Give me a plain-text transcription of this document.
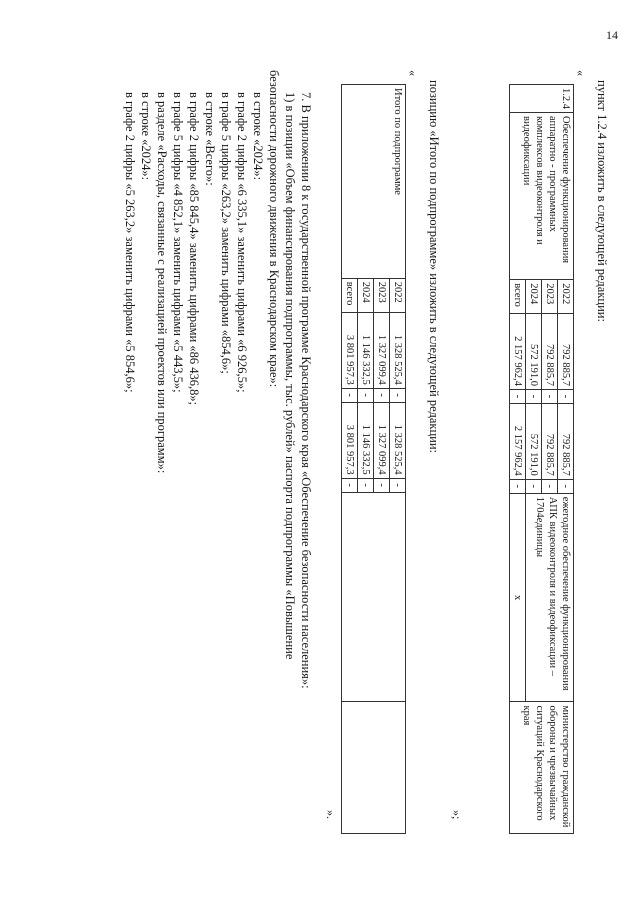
14
пункт 1.2.4 изложить в следующей редакции:
«
1.2.4	Обеспечение функционирования аппаратно - программных комплексов видеоконтроля и видеофиксации	2022	792 885,7	-	792 885,7	-	ежегодное обеспечение функционирования АПК видеоконтроля и видеофиксации – 1704единицы	министерство гражданской обороны и чрезвычайных ситуаций Краснодарского края
		2023	792 885,7	-	792 885,7	-		
		2024	572 191,0	-	572 191,0	-		
		всего	2 157 962,4	-	2 157 962,4	-	х	
»;
позицию «Итого по подпрограмме» изложить в следующей редакции:
«
Итого по подпрограмме	2022	1 328 525,4	-	1 328 525,4	-		
	2023	1 327 099,4	-	1 327 099,4	-		
	2024	1 146 332,5	-	1 146 332,5	-		
	всего	3 801 957,3	-	3 801 957,3	-		
».
7. В приложении 8 к государственной программе Краснодарского края «Обеспечение безопасности населения»:
1) в позиции «Объем финансирования подпрограммы, тыс. рублей» паспорта подпрограммы «Повышение
безопасности дорожного движения в Краснодарском крае»:
в строке «2024»:
в графе 2 цифры «6 335,1» заменить цифрами «6 926,5»;
в графе 5 цифры «263,2» заменить цифрами «854,6»;
в строке «Всего»:
в графе 2 цифры «85 845,4» заменить цифрами «86 436,8»;
в графе 5 цифры «4 852,1» заменить цифрами «5 443,5»;
в разделе «Расходы, связанные с реализацией проектов или программ»:
в строке «2024»:
в графе 2 цифры «5 263,2» заменить цифрами «5 854,6»;
